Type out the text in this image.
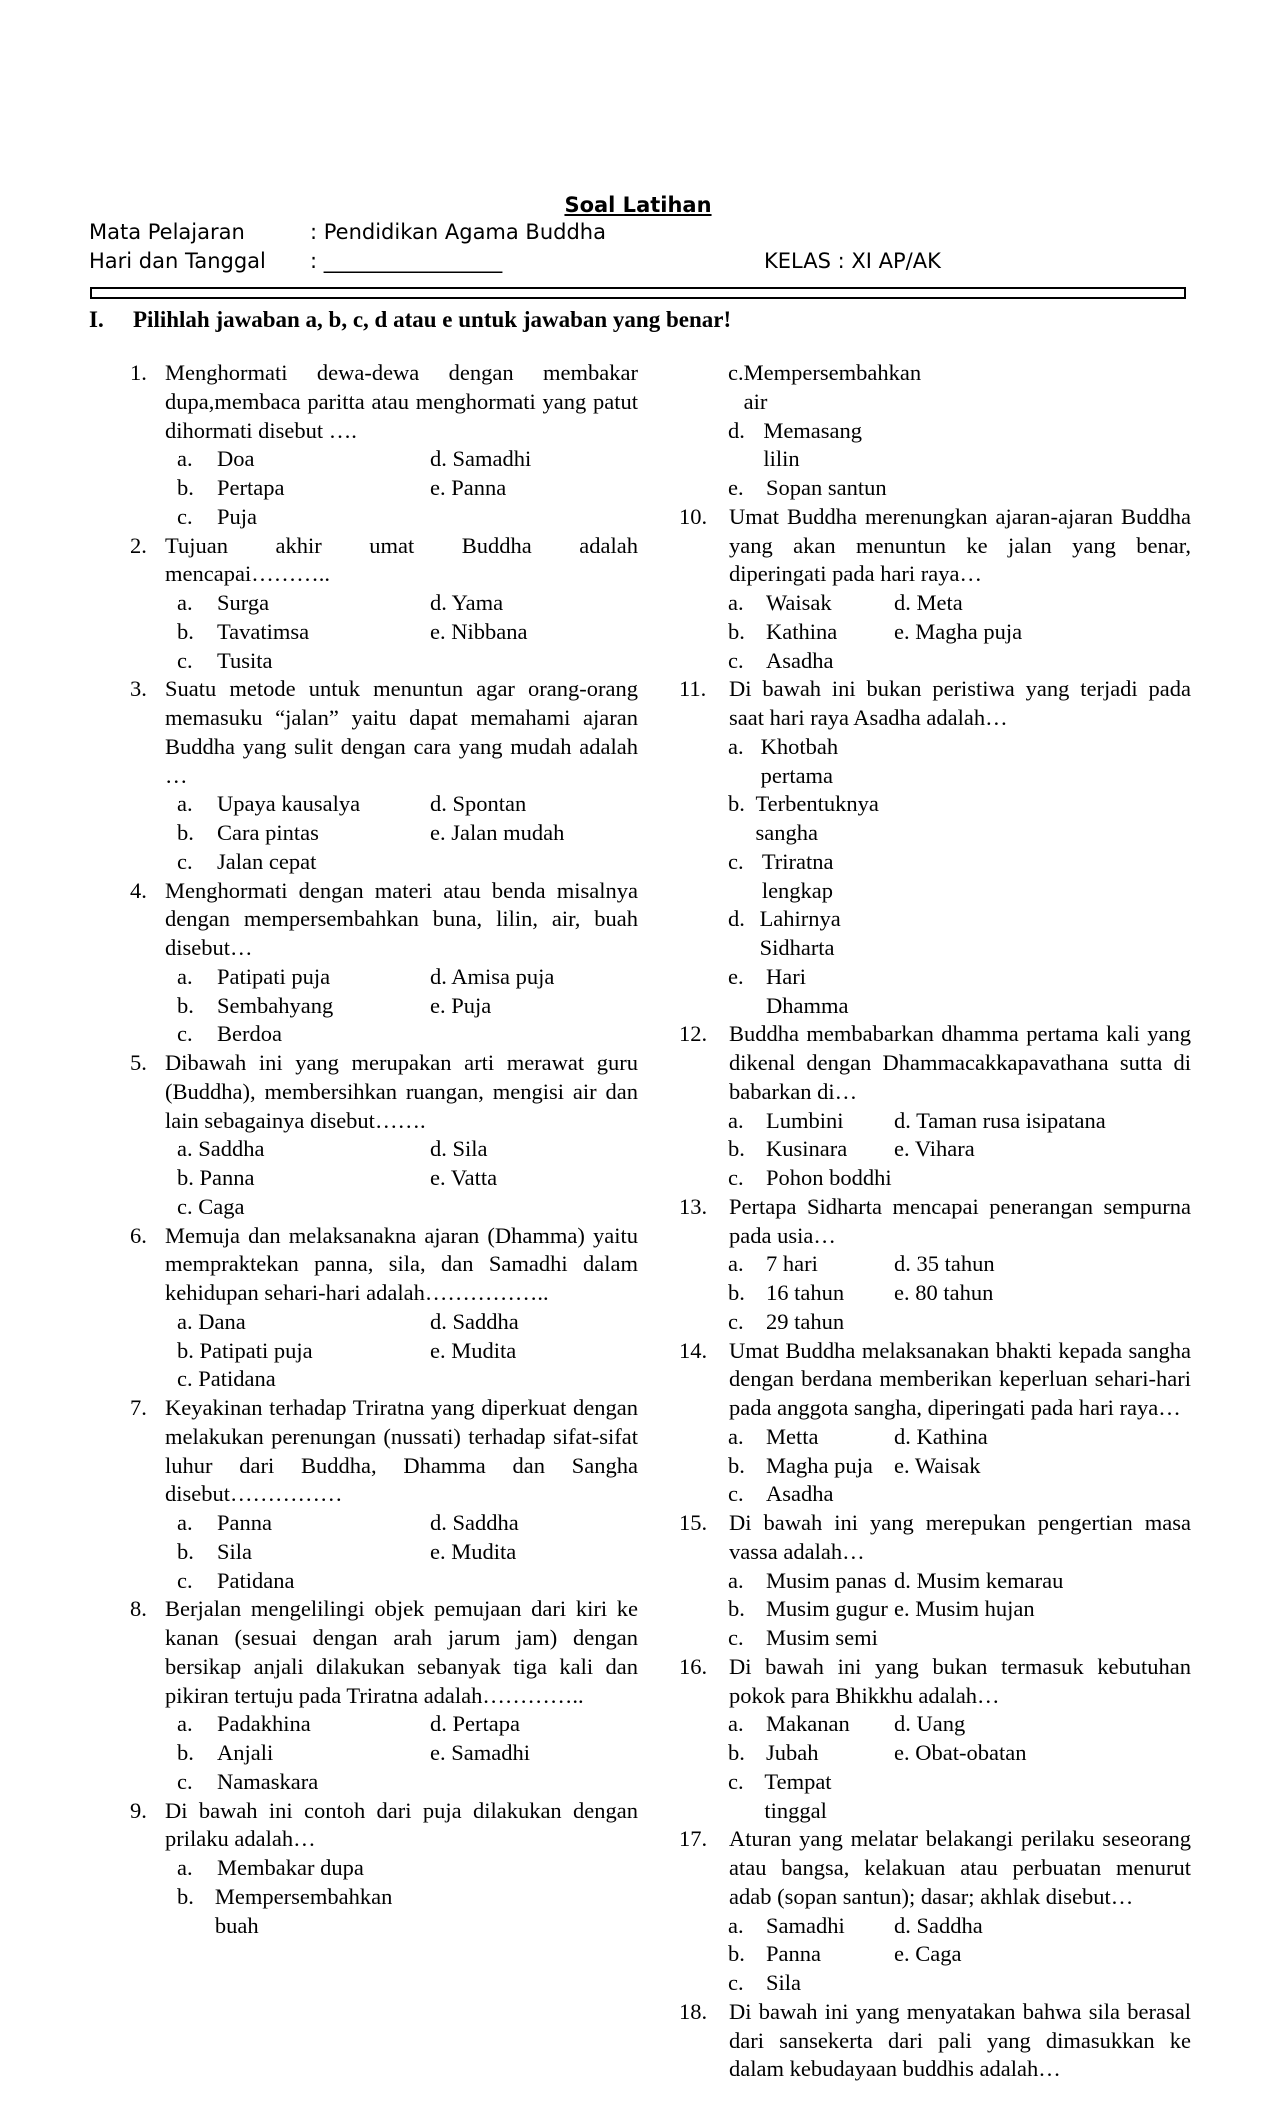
Soal Latihan
Mata Pelajaran	: Pendidikan Agama Buddha
Hari dan Tanggal : _________________	KELAS : XI AP/AK
I. Pilihlah jawaban a, b, c, d atau e untuk jawaban yang benar!
1. Menghormati dewa-dewa dengan membakar dupa,membaca paritta atau menghormati yang patut dihormati disebut ….
a.	Doa	d. Samadhi
b.	Pertapa	e. Panna
c.	Puja
2. Tujuan akhir umat Buddha adalah mencapai………..
a.	Surga	d. Yama
b.	Tavatimsa	e. Nibbana
c.	Tusita
3. Suatu metode untuk menuntun agar orang-orang memasuku “jalan” yaitu dapat memahami ajaran Buddha yang sulit dengan cara yang mudah adalah …
a.	Upaya kausalya	d. Spontan
b.	Cara pintas	e. Jalan mudah
c.	Jalan cepat
4. Menghormati dengan materi atau benda misalnya dengan mempersembahkan buna, lilin, air, buah disebut…
a.	Patipati puja	d. Amisa puja
b.	Sembahyang	e. Puja
c.	Berdoa
5. Dibawah ini yang merupakan arti merawat guru (Buddha), membersihkan ruangan, mengisi air dan lain sebagainya disebut…….
a. Saddha	d. Sila
b. Panna	e. Vatta
c. Caga
6. Memuja dan melaksanakna ajaran (Dhamma) yaitu mempraktekan panna, sila, dan Samadhi dalam kehidupan sehari-hari adalah……………..
a. Dana	d. Saddha
b. Patipati puja	e. Mudita
c. Patidana
7. Keyakinan terhadap Triratna yang diperkuat dengan melakukan perenungan (nussati) terhadap sifat-sifat luhur dari Buddha, Dhamma dan Sangha disebut……………
a.	Panna	d. Saddha
b.	Sila	e. Mudita
c.	Patidana
8. Berjalan mengelilingi objek pemujaan dari kiri ke kanan (sesuai dengan arah jarum jam) dengan bersikap anjali dilakukan sebanyak tiga kali dan pikiran tertuju pada Triratna adalah…………..
a.	Padakhina	d. Pertapa
b.	Anjali	e. Samadhi
c.	Namaskara
9. Di bawah ini contoh dari puja dilakukan dengan prilaku adalah…
a.	Membakar dupa
b. Mempersembahkan buah
c. Mempersembahkan air
d. Memasang lilin
e. Sopan santun
10. Umat Buddha merenungkan ajaran-ajaran Buddha yang akan menuntun ke jalan yang benar, diperingati pada hari raya…
a. Waisak	d. Meta
b. Kathina	e. Magha puja
c. Asadha
11.	Di bawah ini bukan peristiwa yang terjadi pada saat hari raya Asadha adalah…
a. Khotbah pertama
b. Terbentuknya sangha
c. Triratna lengkap
d. Lahirnya Sidharta
e. Hari Dhamma
12. Buddha membabarkan dhamma pertama kali yang dikenal dengan Dhammacakkapavathana sutta di babarkan di…
a. Lumbini d. Taman rusa isipatana
b. Kusinara e. Vihara
c. Pohon boddhi
13. Pertapa Sidharta mencapai penerangan sempurna pada usia…
a. 7 hari	d. 35 tahun
b. 16 tahun e. 80 tahun
c. 29 tahun
14. Umat Buddha melaksanakan bhakti kepada sangha dengan berdana memberikan keperluan sehari-hari pada anggota sangha, diperingati pada hari raya…
a. Metta	d. Kathina
b. Magha puja e. Waisak
c. Asadha
15. Di bawah ini yang merepukan pengertian masa vassa adalah…
a. Musim panas d. Musim kemarau
b. Musim gugur e. Musim hujan
c. Musim semi
16. Di bawah ini yang bukan termasuk kebutuhan pokok para Bhikkhu adalah…
a. Makanan d. Uang
b. Jubah	e. Obat-obatan
c. Tempat tinggal
17. Aturan yang melatar belakangi perilaku seseorang atau bangsa, kelakuan atau perbuatan menurut adab (sopan santun); dasar; akhlak disebut…
a. Samadhi d. Saddha
b. Panna	e. Caga
c. Sila
18. Di bawah ini yang menyatakan bahwa sila berasal dari sansekerta dari pali yang dimasukkan ke dalam kebudayaan buddhis adalah…
